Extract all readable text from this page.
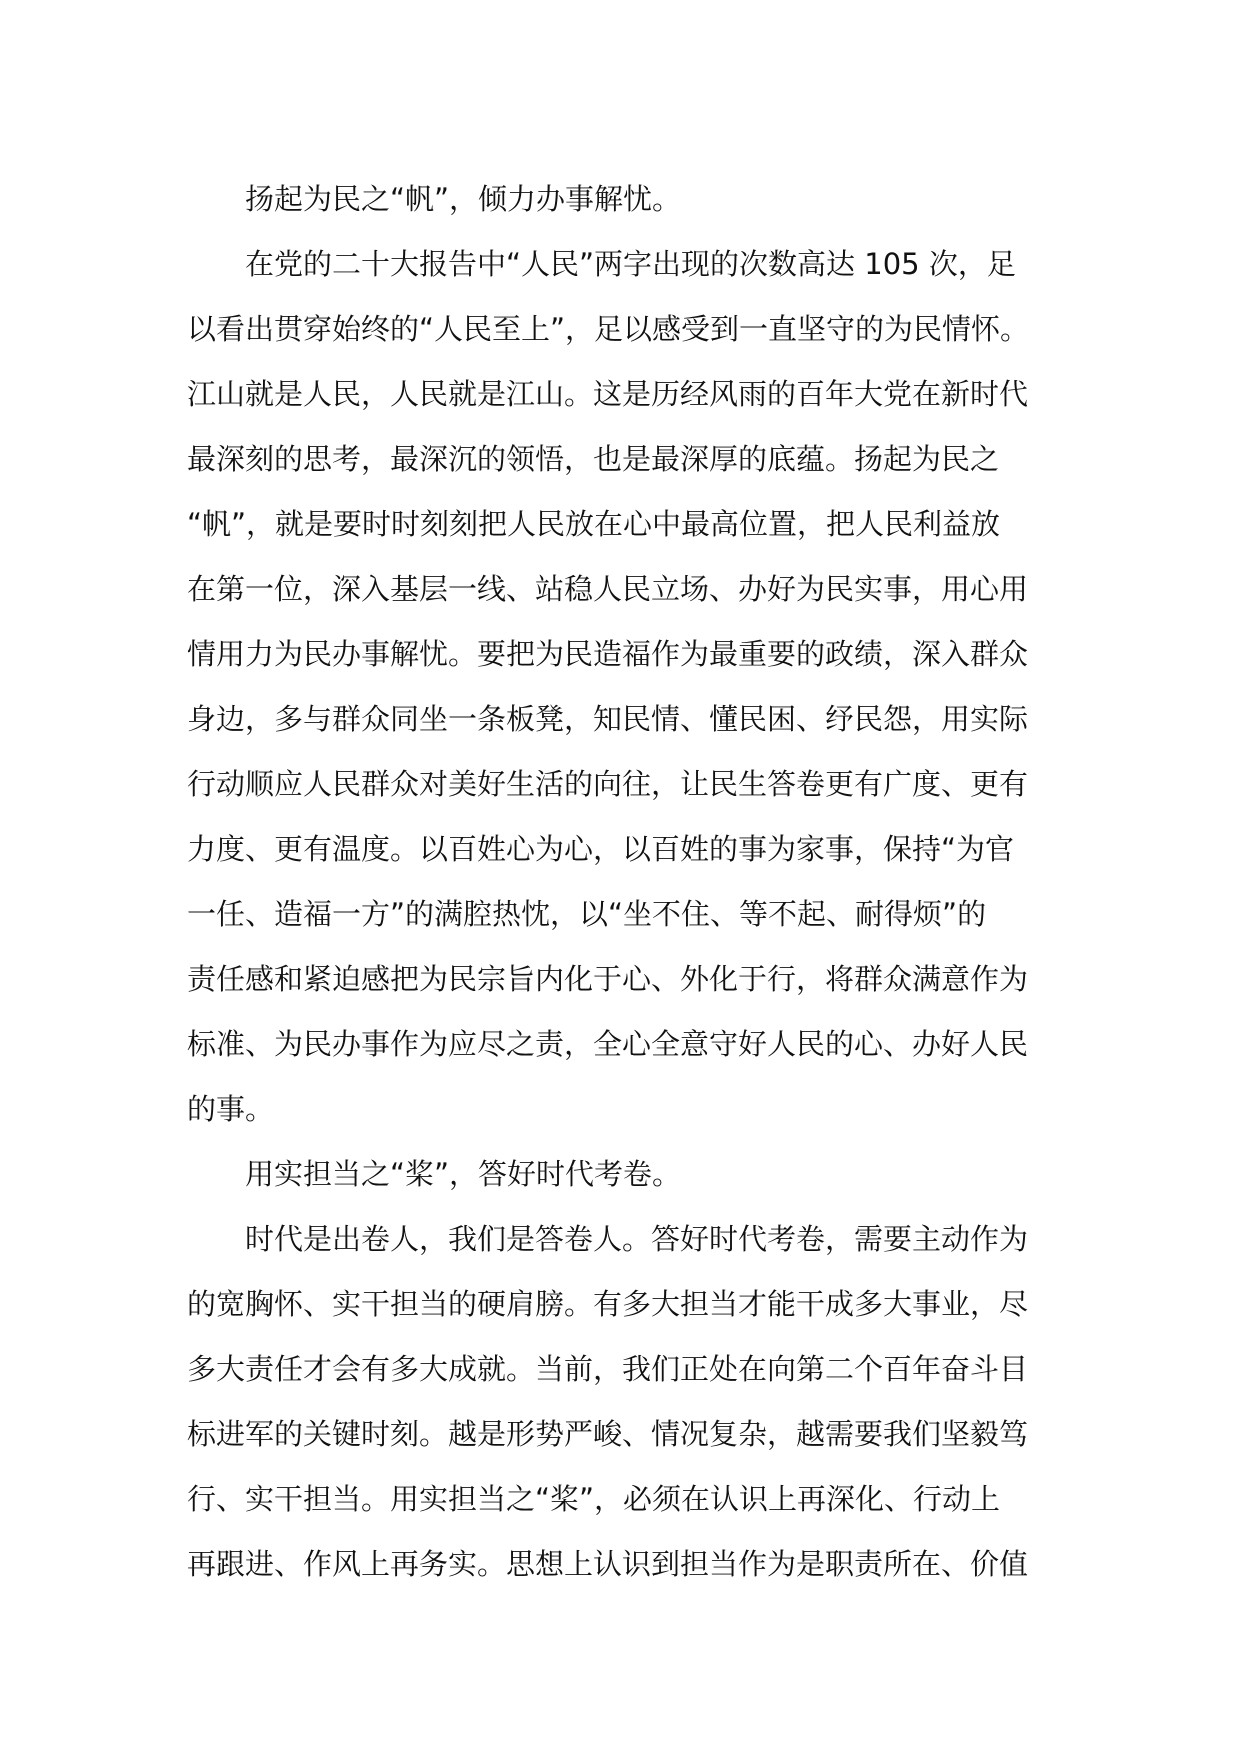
扬起为民之“帆”，倾力办事解忧。
在党的二十大报告中“人民”两字出现的次数高达 105 次，足
以看出贯穿始终的“人民至上”，足以感受到一直坚守的为民情怀。
江山就是人民，人民就是江山。这是历经风雨的百年大党在新时代
最深刻的思考，最深沉的领悟，也是最深厚的底蕴。扬起为民之
“帆”，就是要时时刻刻把人民放在心中最高位置，把人民利益放
在第一位，深入基层一线、站稳人民立场、办好为民实事，用心用
情用力为民办事解忧。要把为民造福作为最重要的政绩，深入群众
身边，多与群众同坐一条板凳，知民情、懂民困、纾民怨，用实际
行动顺应人民群众对美好生活的向往，让民生答卷更有广度、更有
力度、更有温度。以百姓心为心，以百姓的事为家事，保持“为官
一任、造福一方”的满腔热忱，以“坐不住、等不起、耐得烦”的
责任感和紧迫感把为民宗旨内化于心、外化于行，将群众满意作为
标准、为民办事作为应尽之责，全心全意守好人民的心、办好人民
的事。
用实担当之“桨”，答好时代考卷。
时代是出卷人，我们是答卷人。答好时代考卷，需要主动作为
的宽胸怀、实干担当的硬肩膀。有多大担当才能干成多大事业，尽
多大责任才会有多大成就。当前，我们正处在向第二个百年奋斗目
标进军的关键时刻。越是形势严峻、情况复杂，越需要我们坚毅笃
行、实干担当。用实担当之“桨”，必须在认识上再深化、行动上
再跟进、作风上再务实。思想上认识到担当作为是职责所在、价值
